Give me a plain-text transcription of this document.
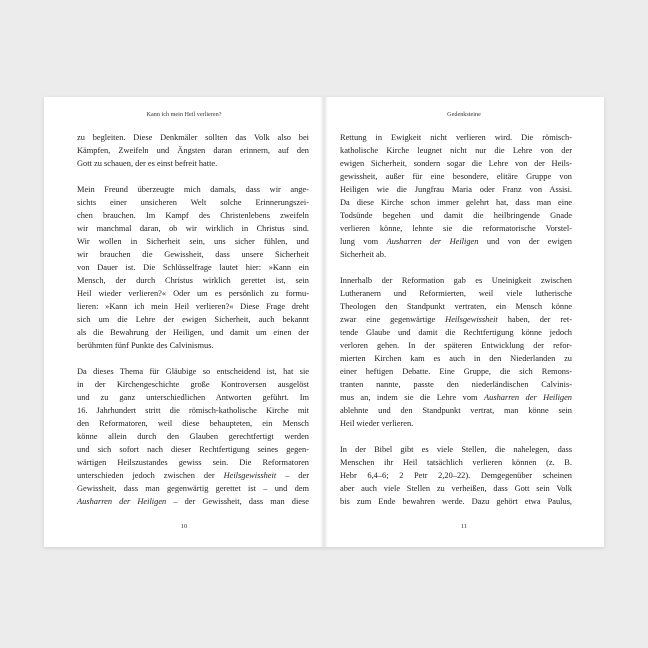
Kann ich mein Heil verlieren?

zu begleiten. Diese Denkmäler sollten das Volk also bei
Kämpfen, Zweifeln und Ängsten daran erinnern, auf den
Gott zu schauen, der es einst befreit hatte.

Mein Freund überzeugte mich damals, dass wir ange-
sichts einer unsicheren Welt solche Erinnerungszei-
chen brauchen. Im Kampf des Christenlebens zweifeln
wir manchmal daran, ob wir wirklich in Christus sind.
Wir wollen in Sicherheit sein, uns sicher fühlen, und
wir brauchen die Gewissheit, dass unsere Sicherheit
von Dauer ist. Die Schlüsselfrage lautet hier: »Kann ein
Mensch, der durch Christus wirklich gerettet ist, sein
Heil wieder verlieren?« Oder um es persönlich zu formu-
lieren: »Kann ich mein Heil verlieren?« Diese Frage dreht
sich um die Lehre der ewigen Sicherheit, auch bekannt
als die Bewahrung der Heiligen, und damit um einen der
berühmten fünf Punkte des Calvinismus.

Da dieses Thema für Gläubige so entscheidend ist, hat sie
in der Kirchengeschichte große Kontroversen ausgelöst
und zu ganz unterschiedlichen Antworten geführt. Im
16. Jahrhundert stritt die römisch-katholische Kirche mit
den Reformatoren, weil diese behaupteten, ein Mensch
könne allein durch den Glauben gerechtfertigt werden
und sich sofort nach dieser Rechtfertigung seines gegen-
wärtigen Heilszustandes gewiss sein. Die Reformatoren
unterschieden jedoch zwischen der Heilsgewissheit – der
Gewissheit, dass man gegenwärtig gerettet ist – und dem
Ausharren der Heiligen – der Gewissheit, dass man diese

10
Gedenksteine

Rettung in Ewigkeit nicht verlieren wird. Die römisch-
katholische Kirche leugnet nicht nur die Lehre von der
ewigen Sicherheit, sondern sogar die Lehre von der Heils-
gewissheit, außer für eine besondere, elitäre Gruppe von
Heiligen wie die Jungfrau Maria oder Franz von Assisi.
Da diese Kirche schon immer gelehrt hat, dass man eine
Todsünde begehen und damit die heilbringende Gnade
verlieren könne, lehnte sie die reformatorische Vorstel-
lung vom Ausharren der Heiligen und von der ewigen
Sicherheit ab.

Innerhalb der Reformation gab es Uneinigkeit zwischen
Lutheranern und Reformierten, weil viele lutherische
Theologen den Standpunkt vertraten, ein Mensch könne
zwar eine gegenwärtige Heilsgewissheit haben, der ret-
tende Glaube und damit die Rechtfertigung könne jedoch
verloren gehen. In der späteren Entwicklung der refor-
mierten Kirchen kam es auch in den Niederlanden zu
einer heftigen Debatte. Eine Gruppe, die sich Remons-
tranten nannte, passte den niederländischen Calvinis-
mus an, indem sie die Lehre vom Ausharren der Heiligen
ablehnte und den Standpunkt vertrat, man könne sein
Heil wieder verlieren.

In der Bibel gibt es viele Stellen, die nahelegen, dass
Menschen ihr Heil tatsächlich verlieren können (z. B.
Hebr 6,4–6; 2 Petr 2,20–22). Demgegenüber scheinen
aber auch viele Stellen zu verheißen, dass Gott sein Volk
bis zum Ende bewahren werde. Dazu gehört etwa Paulus,

11
